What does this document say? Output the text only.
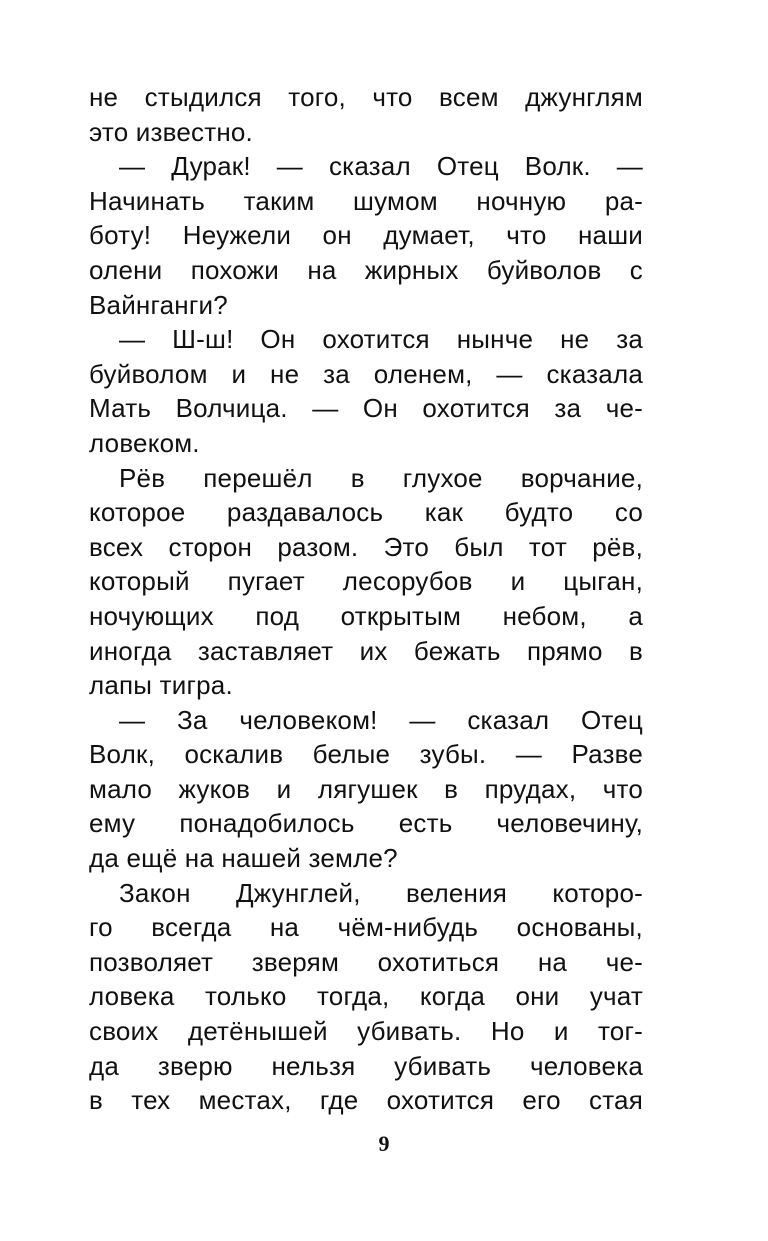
не стыдился того, что всем джунглям
это известно.
— Дурак! — сказал Отец Волк. —
Начинать таким шумом ночную ра-
боту! Неужели он думает, что наши
олени похожи на жирных буйволов с
Вайнганги?
— Ш-ш! Он охотится нынче не за
буйволом и не за оленем, — сказала
Мать Волчица. — Он охотится за че-
ловеком.
Рёв перешёл в глухое ворчание,
которое раздавалось как будто со
всех сторон разом. Это был тот рёв,
который пугает лесорубов и цыган,
ночующих под открытым небом, а
иногда заставляет их бежать прямо в
лапы тигра.
— За человеком! — сказал Отец
Волк, оскалив белые зубы. — Разве
мало жуков и лягушек в прудах, что
ему понадобилось есть человечину,
да ещё на нашей земле?
Закон Джунглей, веления которо-
го всегда на чём-нибудь основаны,
позволяет зверям охотиться на че-
ловека только тогда, когда они учат
своих детёнышей убивать. Но и тог-
да зверю нельзя убивать человека
в тех местах, где охотится его стая
9
